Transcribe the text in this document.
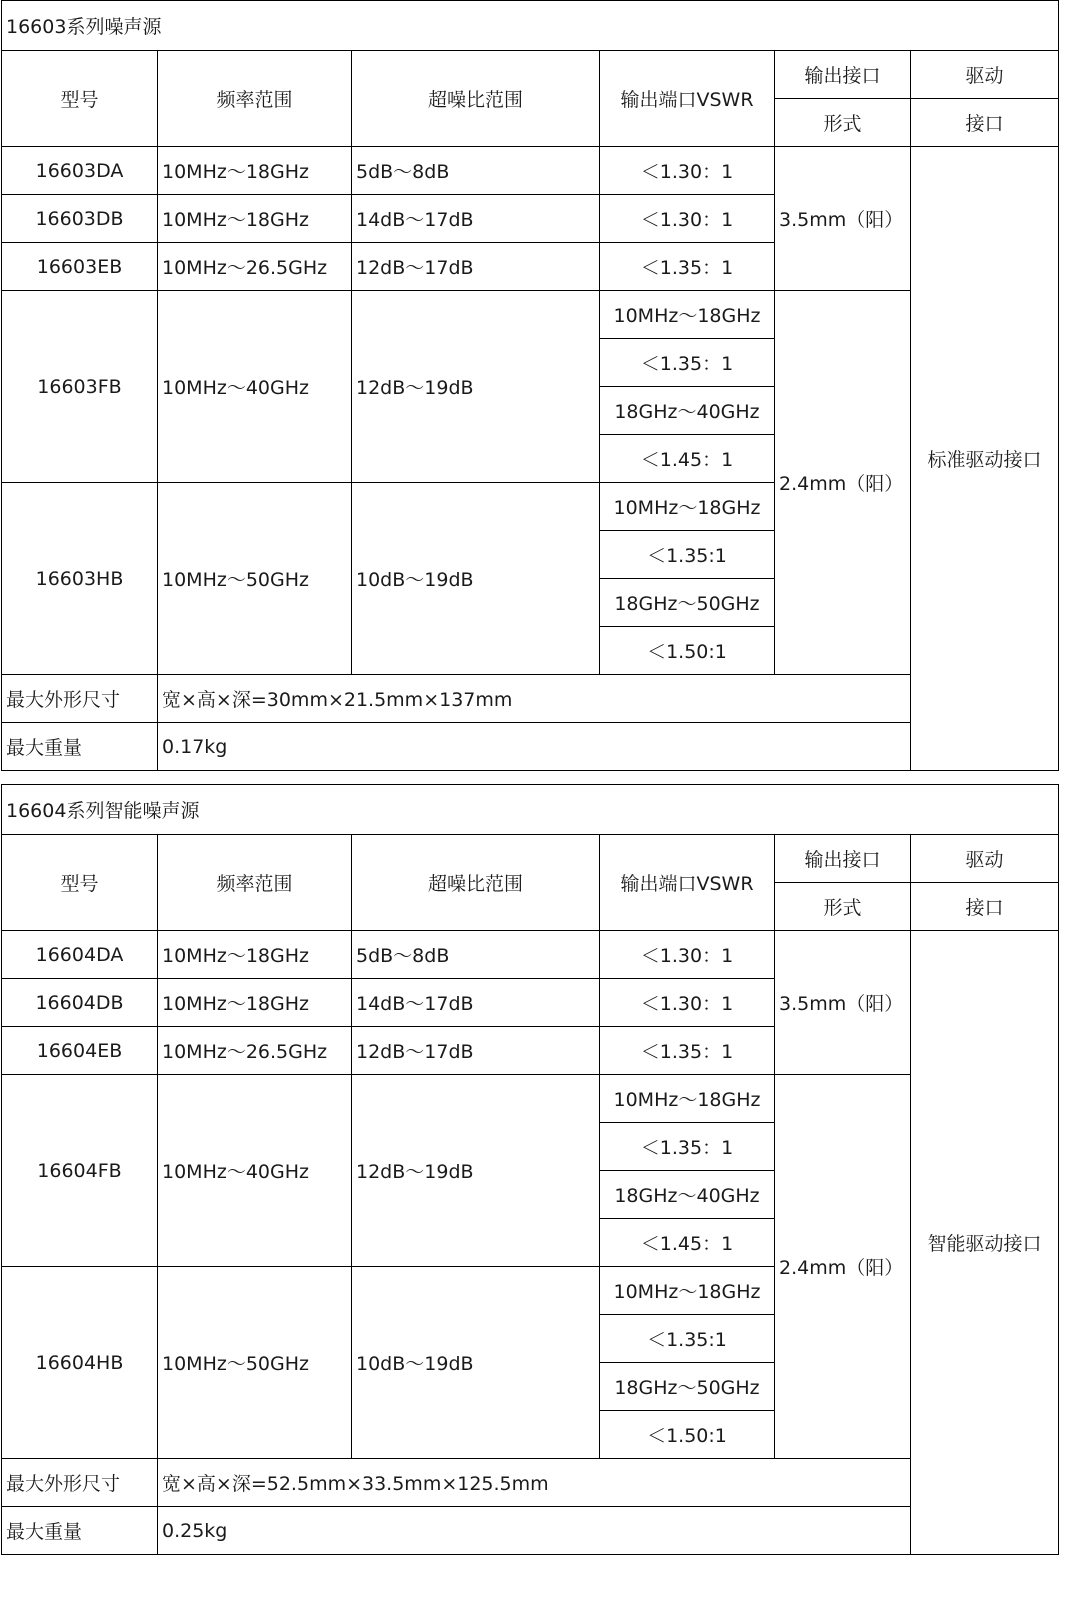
16603系列噪声源					
型号	频率范围	超噪比范围	输出端口VSWR	输出接口	驱动
				形式	接口
16603DA	10MHz～18GHz	5dB～8dB	＜1.30：1	3.5mm（阳）	标准驱动接口
16603DB	10MHz～18GHz	14dB～17dB	＜1.30：1		
16603EB	10MHz～26.5GHz	12dB～17dB	＜1.35：1		
16603FB	10MHz～40GHz	12dB～19dB	10MHz～18GHz	2.4mm（阳）	
			＜1.35：1		
			18GHz～40GHz		
			＜1.45：1		
16603HB	10MHz～50GHz	10dB～19dB	10MHz～18GHz		
			＜1.35:1		
			18GHz～50GHz		
			＜1.50:1		
最大外形尺寸	宽×高×深=30mm×21.5mm×137mm				
最大重量	0.17kg				
16604系列智能噪声源					
型号	频率范围	超噪比范围	输出端口VSWR	输出接口	驱动
				形式	接口
16604DA	10MHz～18GHz	5dB～8dB	＜1.30：1	3.5mm（阳）	智能驱动接口
16604DB	10MHz～18GHz	14dB～17dB	＜1.30：1		
16604EB	10MHz～26.5GHz	12dB～17dB	＜1.35：1		
16604FB	10MHz～40GHz	12dB～19dB	10MHz～18GHz	2.4mm（阳）	
			＜1.35：1		
			18GHz～40GHz		
			＜1.45：1		
16604HB	10MHz～50GHz	10dB～19dB	10MHz～18GHz		
			＜1.35:1		
			18GHz～50GHz		
			＜1.50:1		
最大外形尺寸	宽×高×深=52.5mm×33.5mm×125.5mm				
最大重量	0.25kg				
